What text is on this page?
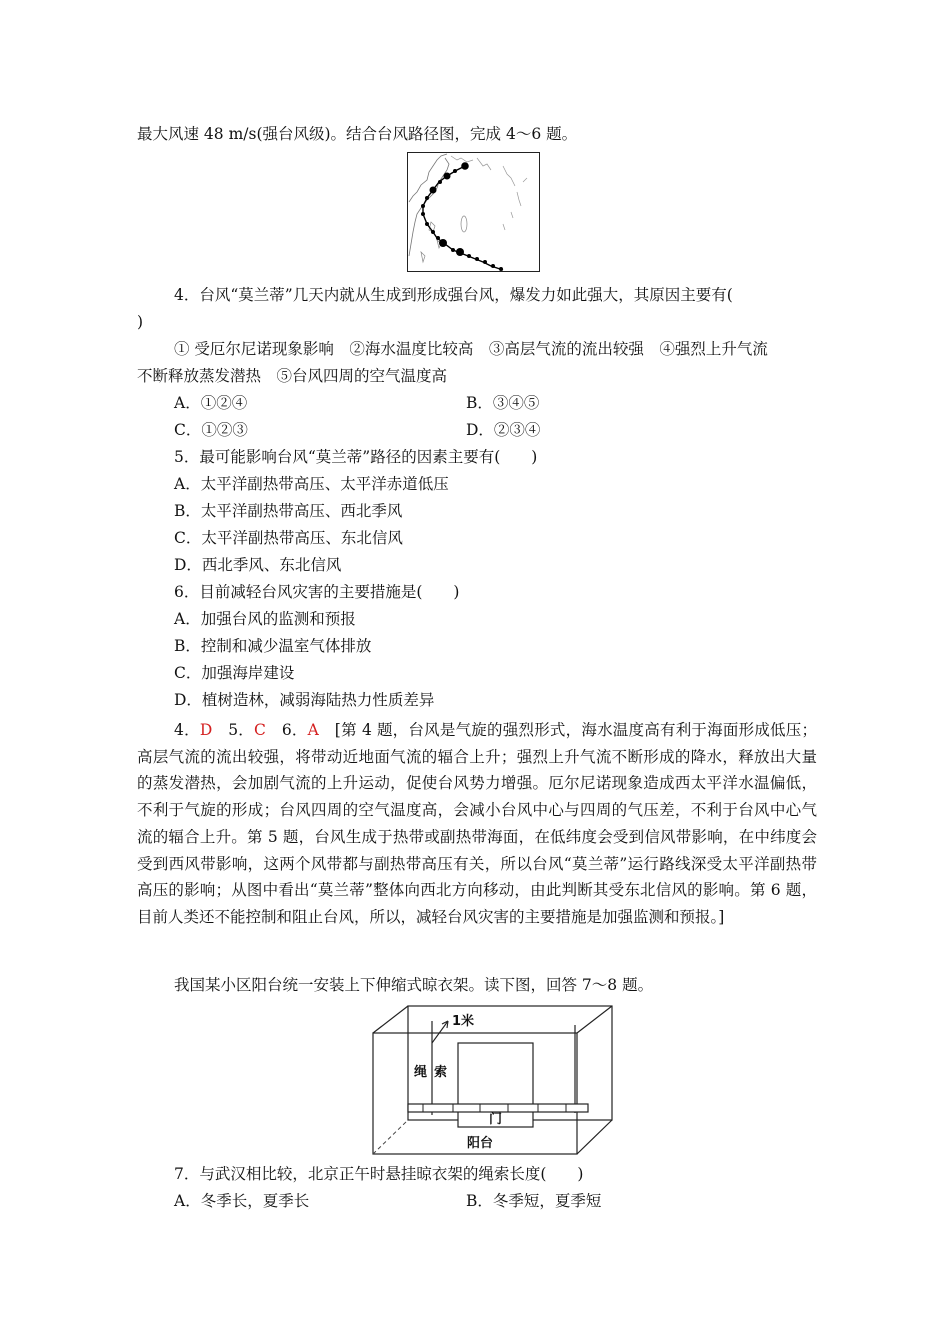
最大风速 48 m/s(强台风级)。结合台风路径图，完成 4～6 题。
4．台风“莫兰蒂”几天内就从生成到形成强台风，爆发力如此强大，其原因主要有(
)
① 受厄尔尼诺现象影响　②海水温度比较高　③高层气流的流出较强　④强烈上升气流
不断释放蒸发潜热　⑤台风四周的空气温度高
A．①②④	B．③④⑤
C．①②③	D．②③④
5．最可能影响台风“莫兰蒂”路径的因素主要有(　　)
A．太平洋副热带高压、太平洋赤道低压
B．太平洋副热带高压、西北季风
C．太平洋副热带高压、东北信风
D．西北季风、东北信风
6．目前减轻台风灾害的主要措施是(　　)
A．加强台风的监测和预报
B．控制和减少温室气体排放
C．加强海岸建设
D．植树造林，减弱海陆热力性质差异
4．D　5．C　6．A　[第 4 题，台风是气旋的强烈形式，海水温度高有利于海面形成低压；高层气流的流出较强，将带动近地面气流的辐合上升；强烈上升气流不断形成的降水，释放出大量的蒸发潜热，会加剧气流的上升运动，促使台风势力增强。厄尔尼诺现象造成西太平洋水温偏低，不利于气旋的形成；台风四周的空气温度高，会减小台风中心与四周的气压差，不利于台风中心气流的辐合上升。第 5 题，台风生成于热带或副热带海面，在低纬度会受到信风带影响，在中纬度会受到西风带影响，这两个风带都与副热带高压有关，所以台风“莫兰蒂”运行路线深受太平洋副热带高压的影响；从图中看出“莫兰蒂”整体向西北方向移动，由此判断其受东北信风的影响。第 6 题，目前人类还不能控制和阻止台风，所以，减轻台风灾害的主要措施是加强监测和预报。]
我国某小区阳台统一安装上下伸缩式晾衣架。读下图，回答 7～8 题。
1米
绳 索
门
阳台
7．与武汉相比较，北京正午时悬挂晾衣架的绳索长度(　　)
A．冬季长，夏季长	B．冬季短，夏季短
